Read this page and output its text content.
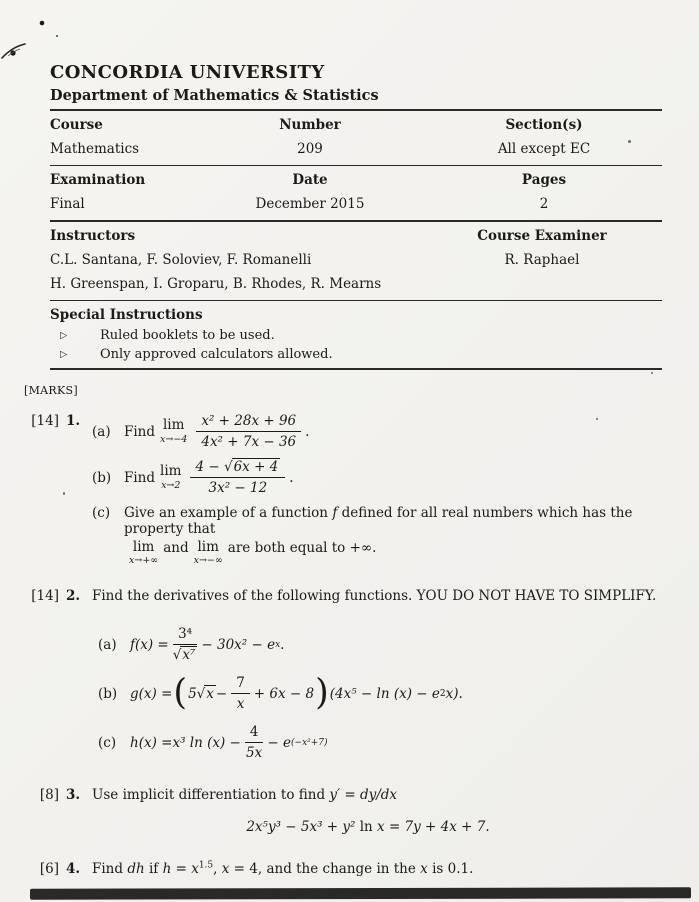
CONCORDIA UNIVERSITY
Department of Mathematics & Statistics
Course	Number	Section(s)
Mathematics	209	All except EC
Examination	Date	Pages
Final	December 2015	2
Instructors	Course Examiner
C.L. Santana, F. Soloviev, F. Romanelli	R. Raphael
H. Greenspan, I. Groparu, B. Rhodes, R. Mearns
Special Instructions
▷	Ruled booklets to be used.
▷	Only approved calculators allowed.
[MARKS]
[14] 1.
(a) Find lim
$x\to-4 \frac{\text{x² + 28x + 96}}{\text{4x² + 7x − 36}}$ .
(b) Find lim
$x\to 2 \frac{4 - √6x + 4}{\text{3x² − 12}}$ .
(c)	Give an example of a function f defined for all real numbers which has the property that
lim
x→+∞
and lim
x→−∞
are both equal to +∞.
[14] 2. Find the derivatives of the following functions. YOU DO NOT HAVE TO SIMPLIFY.
(a) $f(x) = \frac{\text{3⁴}}{\text{√x⁷}} - 30x^2 - e$ x .
(b) g(x) = ( 5 $√x - \frac{7}{x} + 6x - 8$ ) (4x⁵ − ln (x) − e 2 x).
(c)	h(x) = x³ $\ln (x) - \frac{4}{5x} - e$ (−x²+7)
[8] 3. Use implicit differentiation to find y′ = dy/dx
2x⁵y³ − 5x³ + y² ln x = 7y + 4x + 7.
[6] 4. Find dh if $h = x^{1.5}$, x = 4, and the change in the x is 0.1.
